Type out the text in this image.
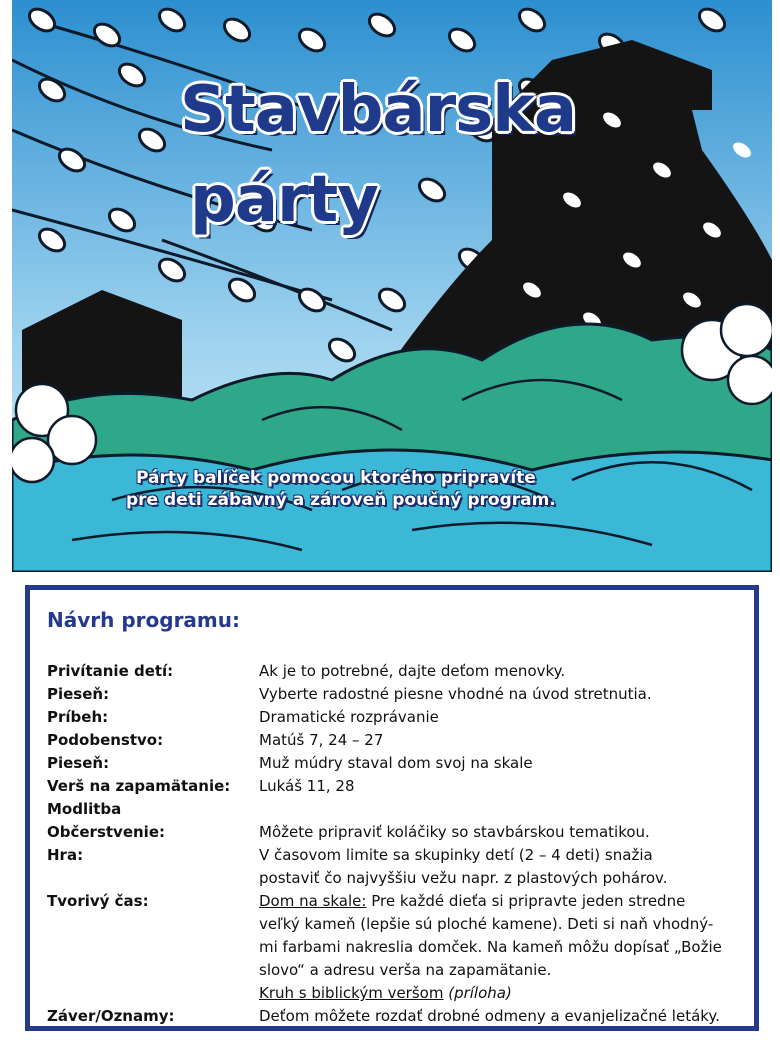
Stavbárska
párty
Párty balíček pomocou ktorého pripravíte
pre deti zábavný a zároveň poučný program.
Návrh programu:
Privítanie detí:	Ak je to potrebné, dajte deťom menovky.
Pieseň:	Vyberte radostné piesne vhodné na úvod stretnutia.
Príbeh:	Dramatické rozprávanie
Podobenstvo:	Matúš 7, 24 – 27
Pieseň:	Muž múdry staval dom svoj na skale
Verš na zapamätanie:	Lukáš 11, 28
Modlitba
Občerstvenie:	Môžete pripraviť koláčiky so stavbárskou tematikou.
Hra:	V časovom limite sa skupinky detí (2 – 4 deti) snažia
postaviť čo najvyššiu vežu napr. z plastových pohárov.
Tvorivý čas:	Dom na skale: Pre každé dieťa si pripravte jeden stredne
veľký kameň (lepšie sú ploché kamene). Deti si naň vhodný-
mi farbami nakreslia domček. Na kameň môžu dopísať „Božie
slovo“ a adresu verša na zapamätanie.
Kruh s biblickým veršom (príloha)
Záver/Oznamy:	Deťom môžete rozdať drobné odmeny a evanjelizačné letáky.
